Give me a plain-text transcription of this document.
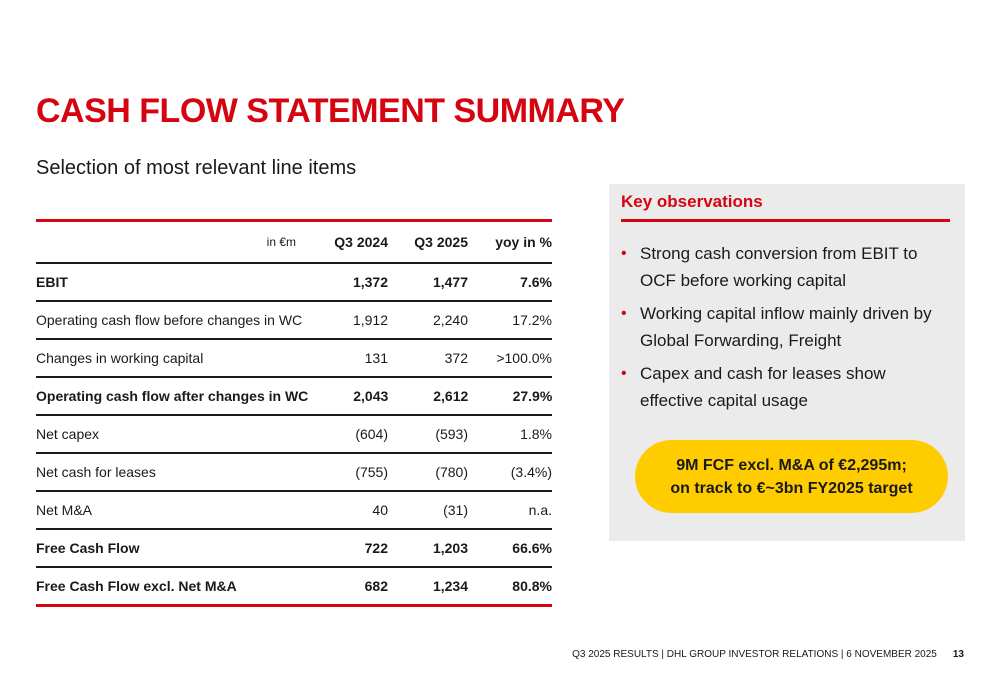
CASH FLOW STATEMENT SUMMARY
Selection of most relevant line items
in €m	Q3 2024	Q3 2025	yoy in %
EBIT	1,372	1,477	7.6%
Operating cash flow before changes in WC	1,912	2,240	17.2%
Changes in working capital	131	372	>100.0%
Operating cash flow after changes in WC	2,043	2,612	27.9%
Net capex	(604)	(593)	1.8%
Net cash for leases	(755)	(780)	(3.4%)
Net M&A	40	(31)	n.a.
Free Cash Flow	722	1,203	66.6%
Free Cash Flow excl. Net M&A	682	1,234	80.8%
Key observations
• Strong cash conversion from EBIT to OCF before working capital
• Working capital inflow mainly driven by Global Forwarding, Freight
• Capex and cash for leases show effective capital usage
9M FCF excl. M&A of €2,295m;
on track to €~3bn FY2025 target
Q3 2025 RESULTS | DHL GROUP INVESTOR RELATIONS | 6 NOVEMBER 2025 13
